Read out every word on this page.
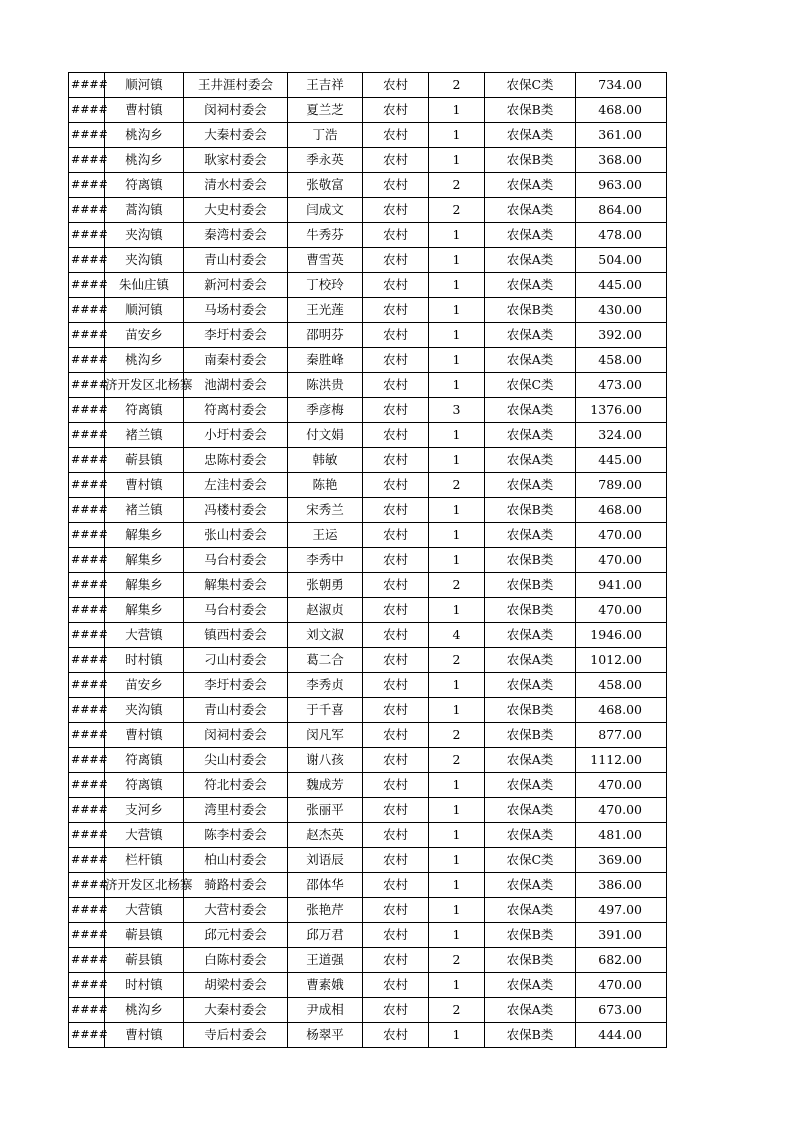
####	顺河镇	王井涯村委会	王吉祥	农村	2	农保C类	734.00
####	曹村镇	闵祠村委会	夏兰芝	农村	1	农保B类	468.00
####	桃沟乡	大秦村委会	丁浩	农村	1	农保A类	361.00
####	桃沟乡	耿家村委会	季永英	农村	1	农保B类	368.00
####	符离镇	清水村委会	张敬富	农村	2	农保A类	963.00
####	蒿沟镇	大史村委会	闫成文	农村	2	农保A类	864.00
####	夹沟镇	秦湾村委会	牛秀芬	农村	1	农保A类	478.00
####	夹沟镇	青山村委会	曹雪英	农村	1	农保A类	504.00
####	朱仙庄镇	新河村委会	丁校玲	农村	1	农保A类	445.00
####	顺河镇	马场村委会	王光莲	农村	1	农保B类	430.00
####	苗安乡	李圩村委会	邵明芬	农村	1	农保A类	392.00
####	桃沟乡	南秦村委会	秦胜峰	农村	1	农保A类	458.00
####	济开发区北杨寨	池湖村委会	陈洪贵	农村	1	农保C类	473.00
####	符离镇	符离村委会	季彦梅	农村	3	农保A类	1376.00
####	褚兰镇	小圩村委会	付文娟	农村	1	农保A类	324.00
####	蕲县镇	忠陈村委会	韩敏	农村	1	农保A类	445.00
####	曹村镇	左洼村委会	陈艳	农村	2	农保A类	789.00
####	褚兰镇	冯楼村委会	宋秀兰	农村	1	农保B类	468.00
####	解集乡	张山村委会	王运	农村	1	农保A类	470.00
####	解集乡	马台村委会	李秀中	农村	1	农保B类	470.00
####	解集乡	解集村委会	张朝勇	农村	2	农保B类	941.00
####	解集乡	马台村委会	赵淑贞	农村	1	农保B类	470.00
####	大营镇	镇西村委会	刘文淑	农村	4	农保A类	1946.00
####	时村镇	刁山村委会	葛二合	农村	2	农保A类	1012.00
####	苗安乡	李圩村委会	李秀贞	农村	1	农保A类	458.00
####	夹沟镇	青山村委会	于千喜	农村	1	农保B类	468.00
####	曹村镇	闵祠村委会	闵凡军	农村	2	农保B类	877.00
####	符离镇	尖山村委会	谢八孩	农村	2	农保A类	1112.00
####	符离镇	符北村委会	魏成芳	农村	1	农保A类	470.00
####	支河乡	湾里村委会	张丽平	农村	1	农保A类	470.00
####	大营镇	陈李村委会	赵杰英	农村	1	农保A类	481.00
####	栏杆镇	柏山村委会	刘语辰	农村	1	农保C类	369.00
####	济开发区北杨寨	骑路村委会	邵体华	农村	1	农保A类	386.00
####	大营镇	大营村委会	张艳芹	农村	1	农保A类	497.00
####	蕲县镇	邱元村委会	邱万君	农村	1	农保B类	391.00
####	蕲县镇	白陈村委会	王道强	农村	2	农保B类	682.00
####	时村镇	胡梁村委会	曹素娥	农村	1	农保A类	470.00
####	桃沟乡	大秦村委会	尹成相	农村	2	农保A类	673.00
####	曹村镇	寺后村委会	杨翠平	农村	1	农保B类	444.00
